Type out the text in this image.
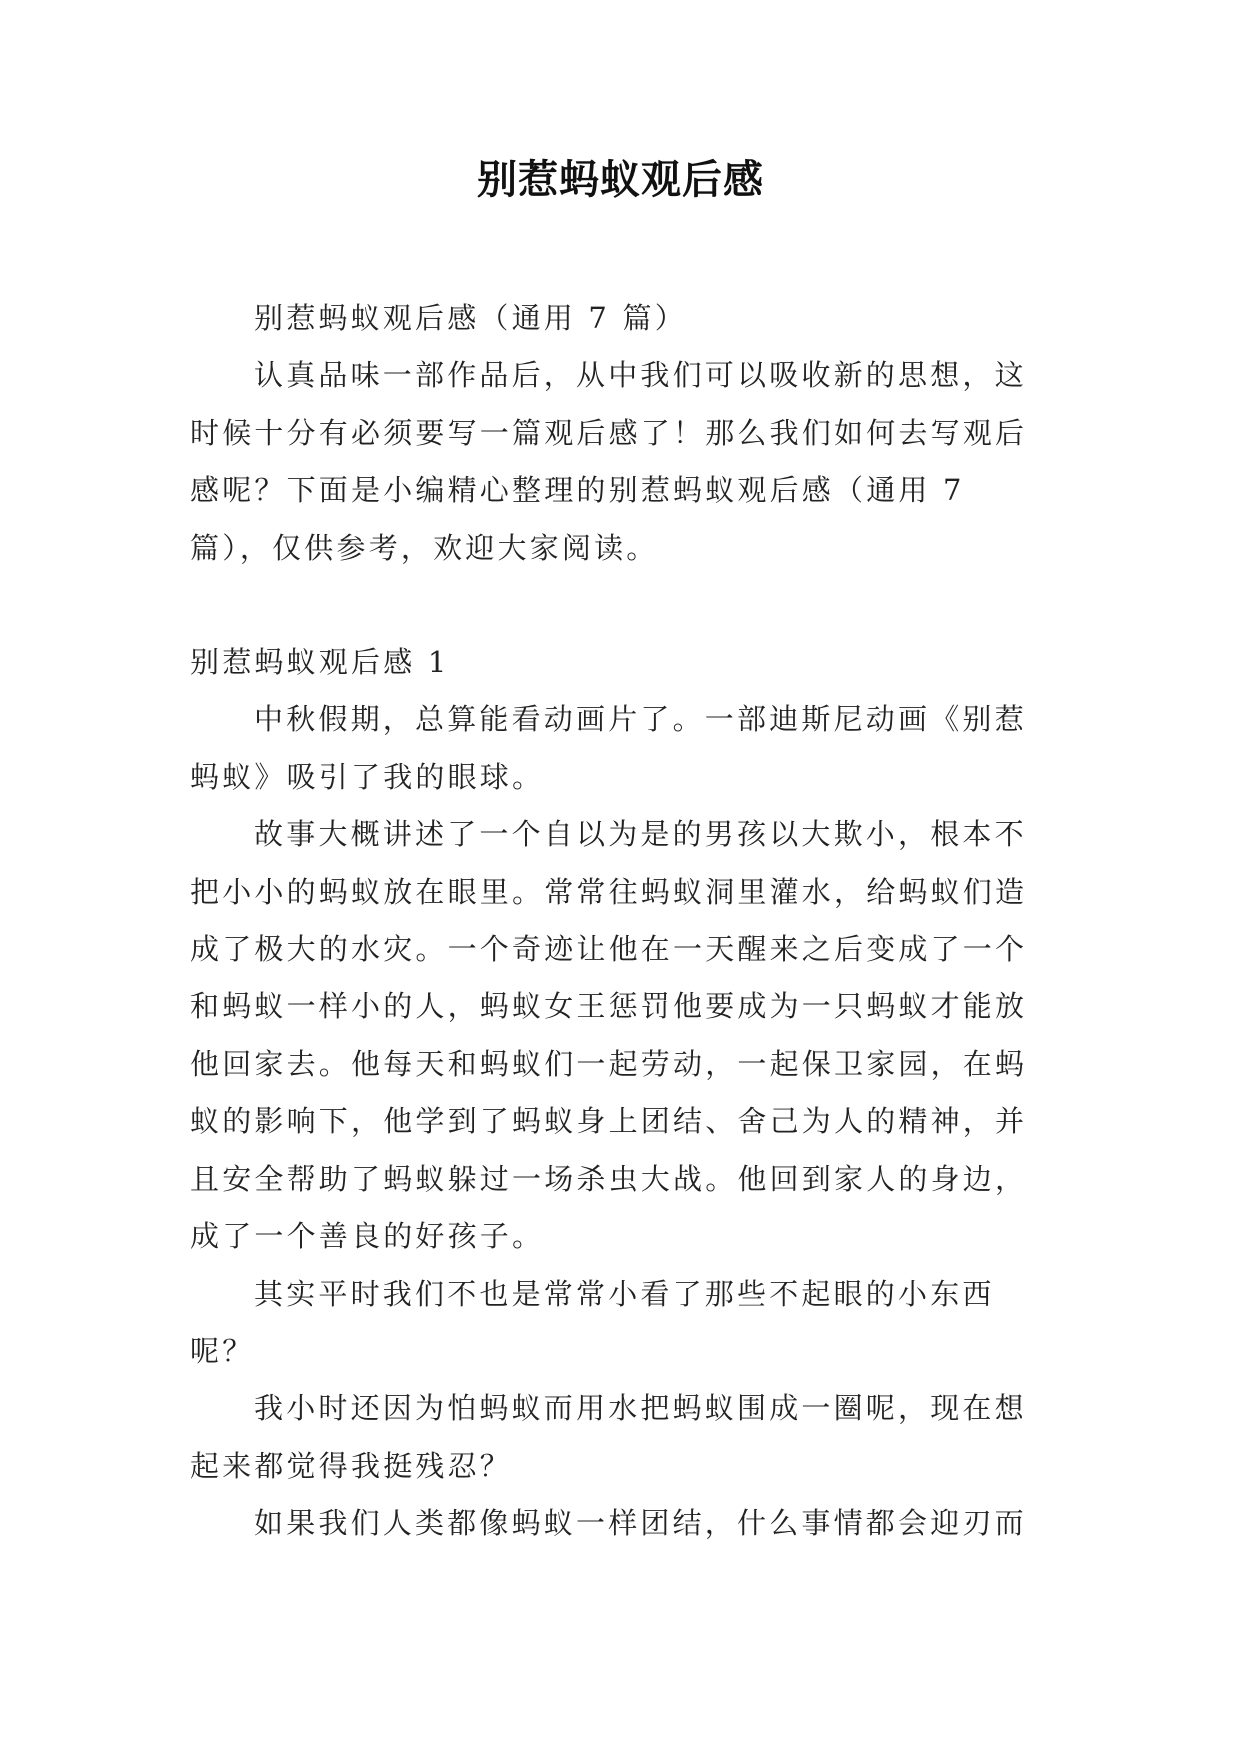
别惹蚂蚁观后感

别惹蚂蚁观后感（通用 7 篇）

认真品味一部作品后，从中我们可以吸收新的思想，这时候十分有必须要写一篇观后感了！那么我们如何去写观后感呢？下面是小编精心整理的别惹蚂蚁观后感（通用 7 篇），仅供参考，欢迎大家阅读。

别惹蚂蚁观后感 1

中秋假期，总算能看动画片了。一部迪斯尼动画《别惹蚂蚁》吸引了我的眼球。

故事大概讲述了一个自以为是的男孩以大欺小，根本不把小小的蚂蚁放在眼里。常常往蚂蚁洞里灌水，给蚂蚁们造成了极大的水灾。一个奇迹让他在一天醒来之后变成了一个和蚂蚁一样小的人，蚂蚁女王惩罚他要成为一只蚂蚁才能放他回家去。他每天和蚂蚁们一起劳动，一起保卫家园，在蚂蚁的影响下，他学到了蚂蚁身上团结、舍己为人的精神，并且安全帮助了蚂蚁躲过一场杀虫大战。他回到家人的身边，成了一个善良的好孩子。

其实平时我们不也是常常小看了那些不起眼的小东西呢？

我小时还因为怕蚂蚁而用水把蚂蚁围成一圈呢，现在想起来都觉得我挺残忍？

如果我们人类都像蚂蚁一样团结，什么事情都会迎刃而
